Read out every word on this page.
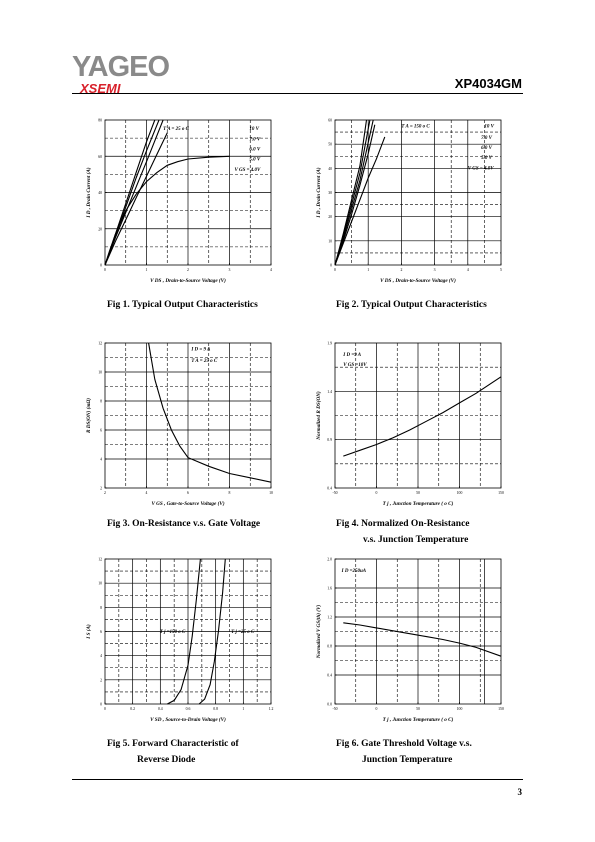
YAGEO
XSEMI	XP4034GM
0	1	2	3	4
0
20
40
60
80
V DS , Drain-to-Source Voltage (V)
I D , Drain Current (A)
T A = 25 o C	10 V
7.0 V
6.0 V
5.0 V
V GS = 4.0V
0	1	2	3	4	5
0
10
20
30
40
50
60
V DS , Drain-to-Source Voltage (V)
I D , Drain Current (A)
T A = 150 o C	10 V
7.0 V
6.0 V
5.0 V
V GS = 4.0V
2	4	6	8	10
2
4
6
8
10
12
V GS , Gate-to-Source Voltage (V)
R DS(ON) (mΩ)
I D = 9 A
T A = 25 o C
-50	0	50	100	150
0.4
0.9
1.4
1.9
T j , Junction Temperature ( o C)
Normalized R DS(ON)
I D =9 A
V GS =10V
0	0.2	0.4	0.6	0.8	1	1.2
0
2
4
6
8
10
12
V SD , Source-to-Drain Voltage (V)
I S (A)	T j =150 o C	T j =25 o C
-50	0	50	100	150
0.0
0.4
0.8
1.2
1.6
2.0
T j , Junction Temperature ( o C)
Normalized V GS(th) (V)
I D =250uA
Fig 1. Typical Output Characteristics	Fig 2. Typical Output Characteristics
Fig 3. On-Resistance v.s. Gate Voltage	Fig 4. Normalized On-Resistance
v.s. Junction Temperature
Fig 5. Forward Characteristic of
Reverse Diode
Fig 6. Gate Threshold Voltage v.s.
Junction Temperature
3
